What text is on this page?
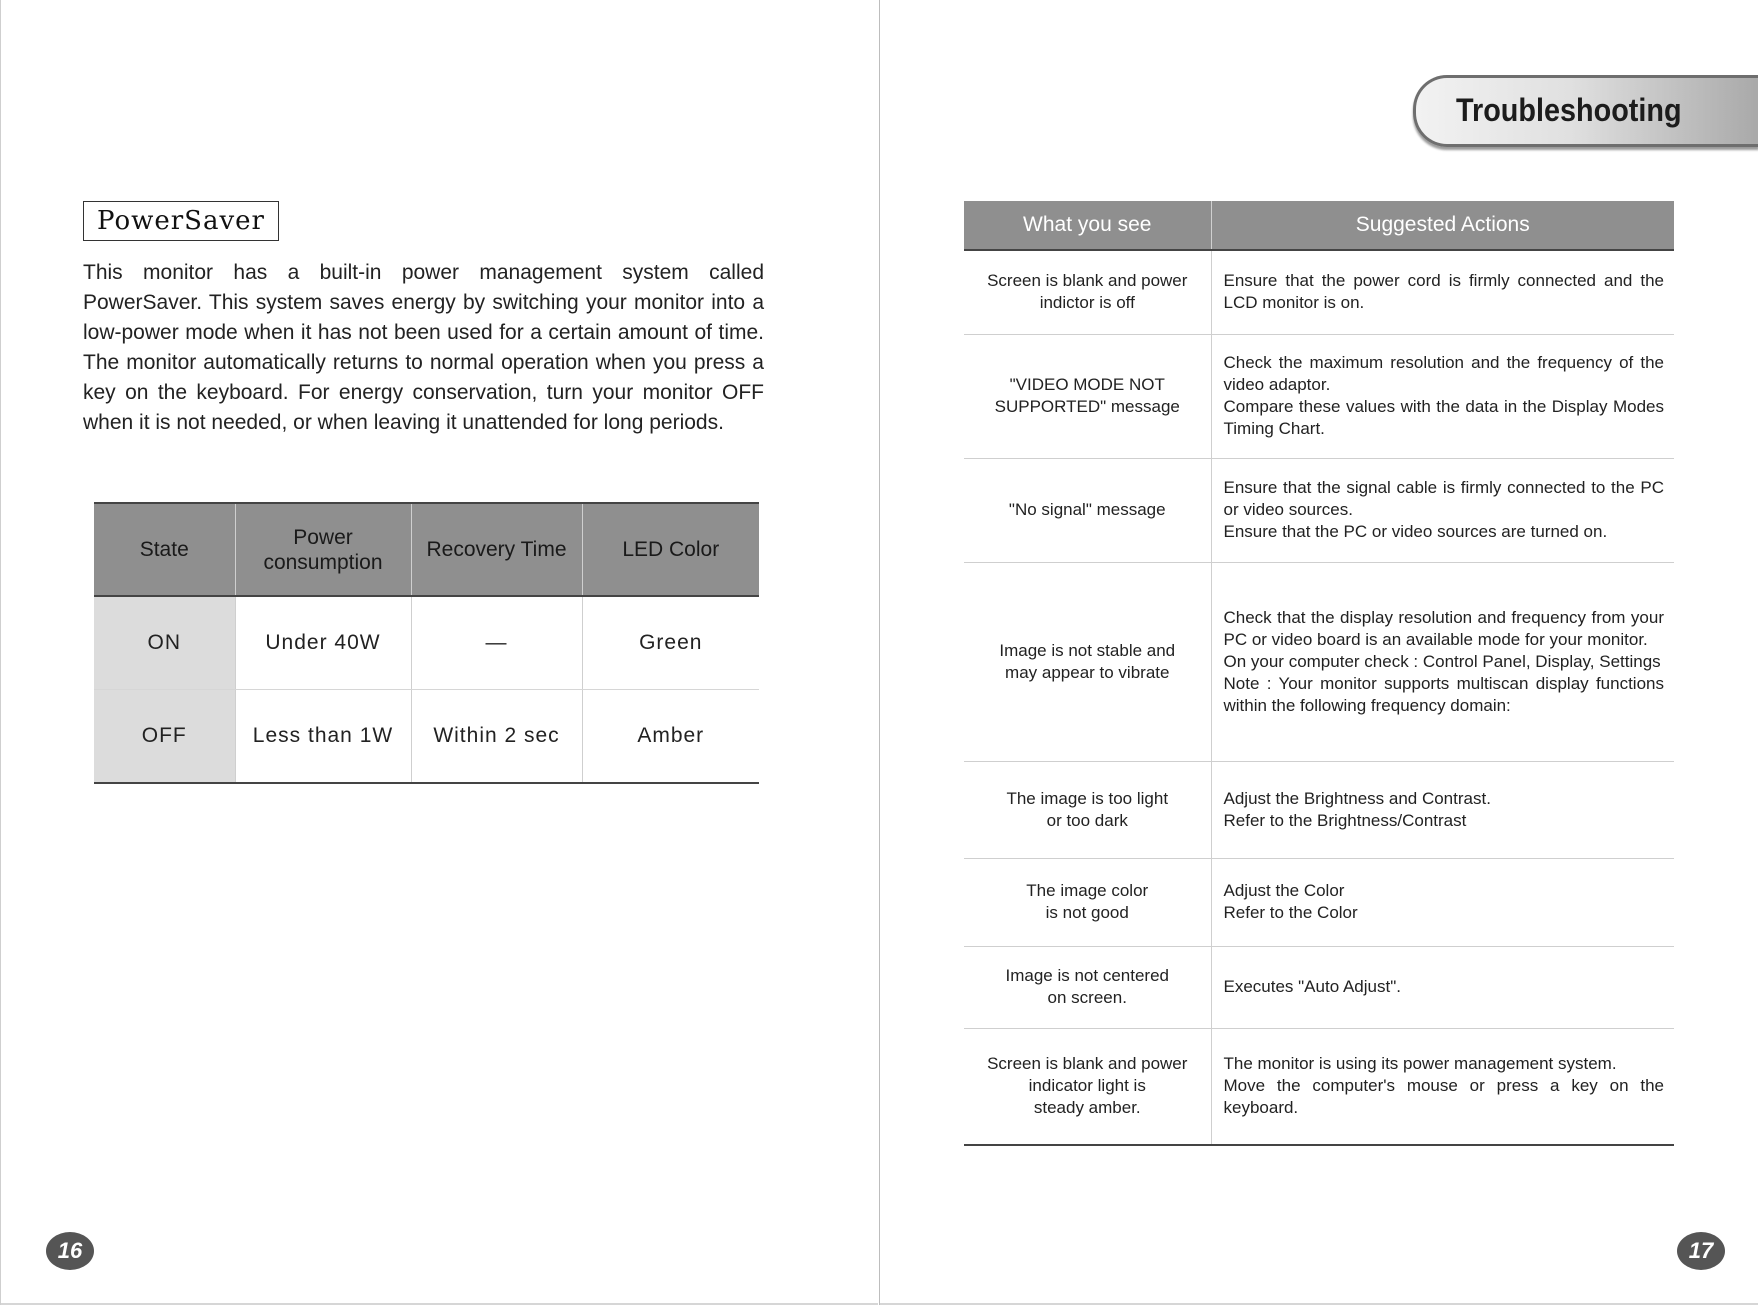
PowerSaver

This monitor has a built-in power management system called PowerSaver. This system saves energy by switching your monitor into a low-power mode when it has not been used for a certain amount of time. The monitor automatically returns to normal operation when you press a key on the keyboard. For energy conservation, turn your monitor OFF when it is not needed, or when leaving it unattended for long periods.

State	Power consumption	Recovery Time	LED Color
ON	Under 40W	—	Green
OFF	Less than 1W	Within 2 sec	Amber
16
Troubleshooting
What you see	Suggested Actions

Screen is blank and power
indictor is off	Ensure that the power cord is firmly connected and the LCD monitor is on.

"VIDEO MODE NOT
SUPPORTED" message	Check the maximum resolution and the frequency of the video adaptor.
Compare these values with the data in the Display Modes Timing Chart.

"No signal" message	Ensure that the signal cable is firmly connected to the PC or video sources.
Ensure that the PC or video sources are turned on.

Image is not stable and
may appear to vibrate	Check that the display resolution and frequency from your PC or video board is an available mode for your monitor.
On your computer check : Control Panel, Display, Settings
Note : Your monitor supports multiscan display functions within the following frequency domain:

The image is too light
or too dark	Adjust the Brightness and Contrast.
Refer to the Brightness/Contrast

The image color
is not good	Adjust the Color
Refer to the Color

Image is not centered
on screen.	Executes "Auto Adjust".

Screen is blank and power
indicator light is
steady amber.	The monitor is using its power management system.
Move the computer's mouse or press a key on the keyboard.
17
